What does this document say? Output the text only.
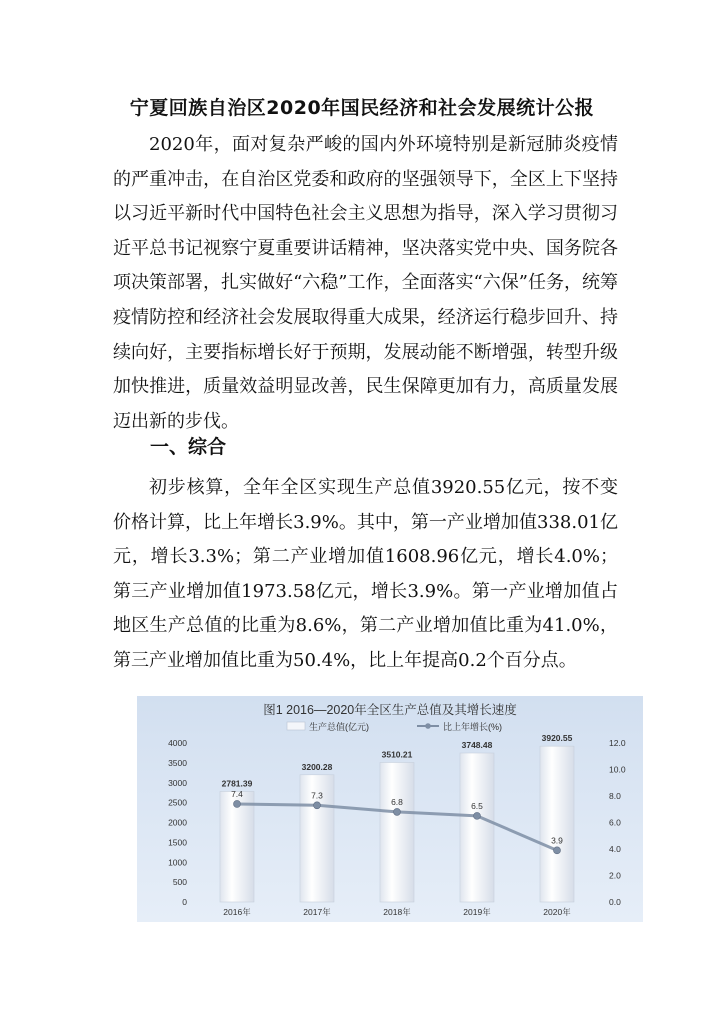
宁夏回族自治区2020年国民经济和社会发展统计公报

2020年，面对复杂严峻的国内外环境特别是新冠肺炎疫情的严重冲击，在自治区党委和政府的坚强领导下，全区上下坚持以习近平新时代中国特色社会主义思想为指导，深入学习贯彻习近平总书记视察宁夏重要讲话精神，坚决落实党中央、国务院各项决策部署，扎实做好“六稳”工作，全面落实“六保”任务，统筹疫情防控和经济社会发展取得重大成果，经济运行稳步回升、持续向好，主要指标增长好于预期，发展动能不断增强，转型升级加快推进，质量效益明显改善，民生保障更加有力，高质量发展迈出新的步伐。

一、综合

初步核算，全年全区实现生产总值3920.55亿元，按不变价格计算，比上年增长3.9%。其中，第一产业增加值338.01亿元，增长3.3%；第二产业增加值1608.96亿元，增长4.0%；第三产业增加值1973.58亿元，增长3.9%。第一产业增加值占地区生产总值的比重为8.6%，第二产业增加值比重为41.0%，第三产业增加值比重为50.4%，比上年提高0.2个百分点。

图1 2016—2020年全区生产总值及其增长速度
生产总值(亿元)	比上年增长(%)
0
500
1000
1500
2000
2500
3000
3500
4000
0.0
2.0
4.0
6.0
8.0
10.0
12.0
2781.39
2016年
3200.28
2017年
3510.21
2018年
3748.48
2019年
3920.55
2020年
7.4	7.3
6.8	6.5
3.9
